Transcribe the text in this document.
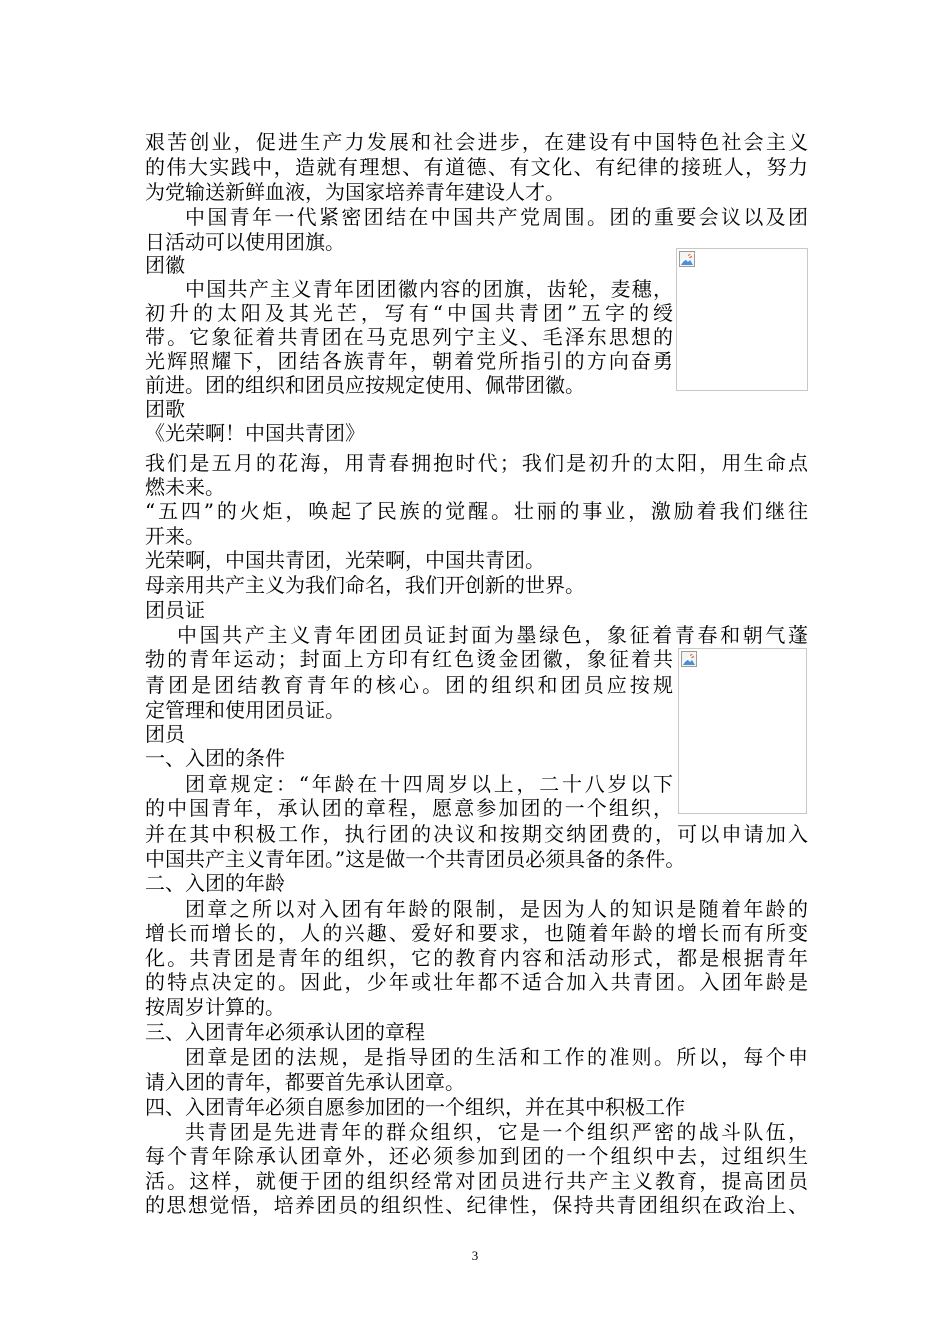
艰苦创业，促进生产力发展和社会进步，在建设有中国特色社会主义
的伟大实践中，造就有理想、有道德、有文化、有纪律的接班人，努力
为党输送新鲜血液，为国家培养青年建设人才。
中国青年一代紧密团结在中国共产党周围。团的重要会议以及团
日活动可以使用团旗。
团徽
中国共产主义青年团团徽内容的团旗，齿轮，麦穗，
初升的太阳及其光芒，写有“中国共青团”五字的绶
带。它象征着共青团在马克思列宁主义、毛泽东思想的
光辉照耀下，团结各族青年，朝着党所指引的方向奋勇
前进。团的组织和团员应按规定使用、佩带团徽。
团歌
《光荣啊！中国共青团》
我们是五月的花海，用青春拥抱时代；我们是初升的太阳，用生命点
燃未来。
“五四”的火炬，唤起了民族的觉醒。壮丽的事业，激励着我们继往
开来。
光荣啊，中国共青团，光荣啊，中国共青团。
母亲用共产主义为我们命名，我们开创新的世界。
团员证
中国共产主义青年团团员证封面为墨绿色，象征着青春和朝气蓬
勃的青年运动；封面上方印有红色烫金团徽，象征着共
青团是团结教育青年的核心。团的组织和团员应按规
定管理和使用团员证。
团员
一、入团的条件
团章规定：“年龄在十四周岁以上，二十八岁以下
的中国青年，承认团的章程，愿意参加团的一个组织，
并在其中积极工作，执行团的决议和按期交纳团费的，可以申请加入
中国共产主义青年团。”这是做一个共青团员必须具备的条件。
二、入团的年龄
团章之所以对入团有年龄的限制，是因为人的知识是随着年龄的
增长而增长的，人的兴趣、爱好和要求，也随着年龄的增长而有所变
化。共青团是青年的组织，它的教育内容和活动形式，都是根据青年
的特点决定的。因此，少年或壮年都不适合加入共青团。入团年龄是
按周岁计算的。
三、入团青年必须承认团的章程
团章是团的法规，是指导团的生活和工作的准则。所以，每个申
请入团的青年，都要首先承认团章。
四、入团青年必须自愿参加团的一个组织，并在其中积极工作
共青团是先进青年的群众组织，它是一个组织严密的战斗队伍，
每个青年除承认团章外，还必须参加到团的一个组织中去，过组织生
活。这样，就便于团的组织经常对团员进行共产主义教育，提高团员
的思想觉悟，培养团员的组织性、纪律性，保持共青团组织在政治上、
3
